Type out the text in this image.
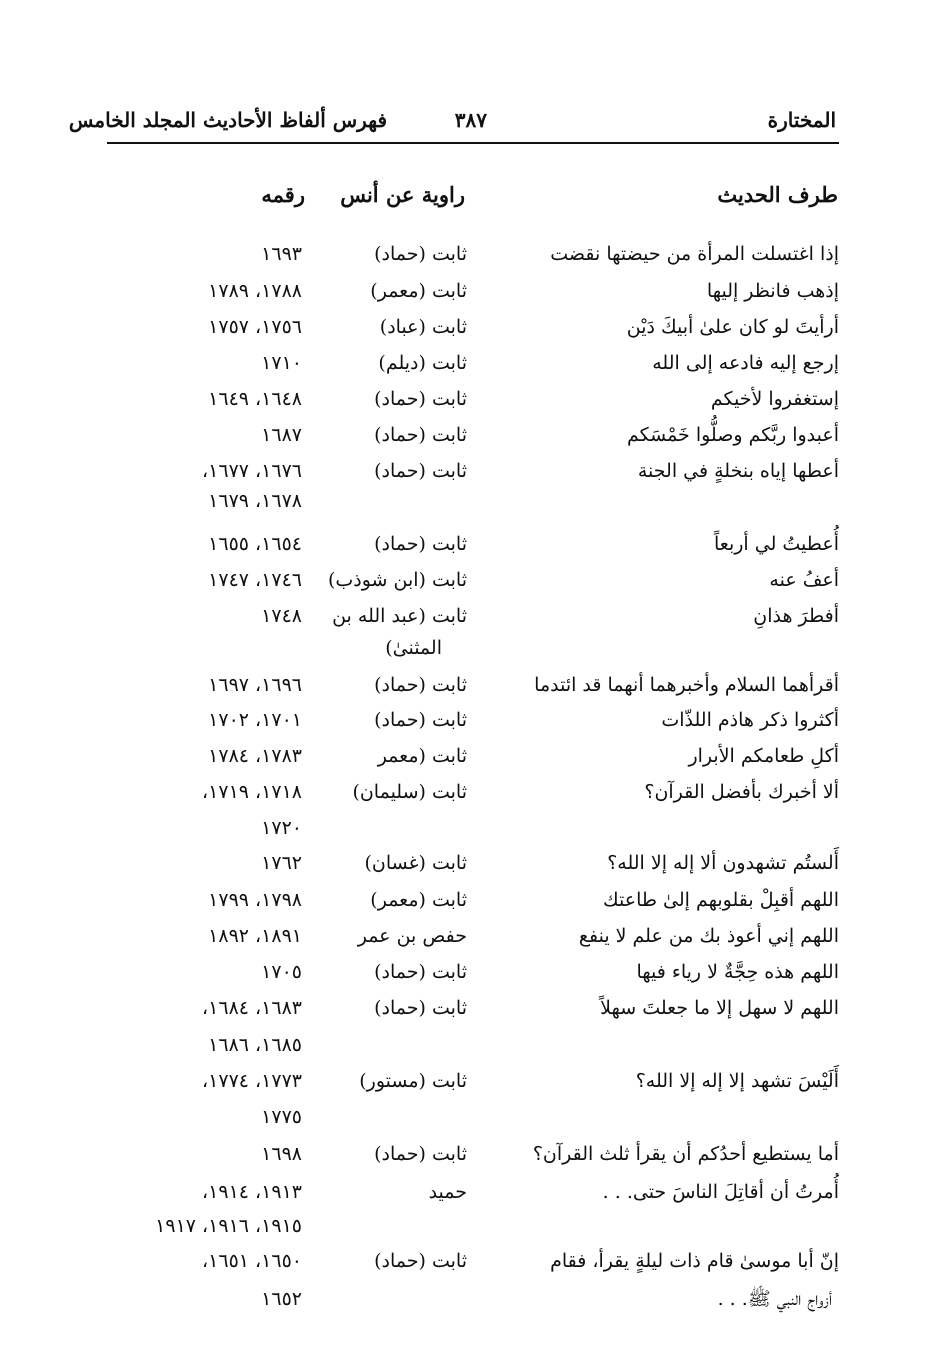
المختارة
٣٨٧
فهرس ألفاظ الأحاديث المجلد الخامس
طرف الحديث
راوية عن أنس
رقمه
إذا اغتسلت المرأة من حيضتها نقضت
ثابت (حماد)
١٦٩٣
إذهب فانظر إليها
ثابت (معمر)
١٧٨٨، ١٧٨٩
أرأيتَ لو كان علىٰ أبيكَ دَيْن
ثابت (عباد)
١٧٥٦، ١٧٥٧
إرجع إليه فادعه إلى الله
ثابت (ديلم)
١٧١٠
إستغفروا لأخيكم
ثابت (حماد)
١٦٤٨، ١٦٤٩
أعبدوا ربَّكم وصلُّوا خَمْسَكم
ثابت (حماد)
١٦٨٧
أعطها إياه بنخلةٍ في الجنة
ثابت (حماد)
١٦٧٦، ١٦٧٧،
١٦٧٨، ١٦٧٩
أُعطيتُ لي أربعاً
ثابت (حماد)
١٦٥٤، ١٦٥٥
أعفُ عنه
ثابت (ابن شوذب)
١٧٤٦، ١٧٤٧
أفطرَ هذانِ
ثابت (عبد الله بن
١٧٤٨
المثنىٰ)
أقرأهما السلام وأخبرهما أنهما قد ائتدما
ثابت (حماد)
١٦٩٦، ١٦٩٧
أكثروا ذكر هاذم اللذّات
ثابت (حماد)
١٧٠١، ١٧٠٢
أكلِ طعامكم الأبرار
ثابت (معمر
١٧٨٣، ١٧٨٤
ألا أخبرك بأفضل القرآن؟
ثابت (سليمان)
١٧١٨، ١٧١٩،
١٧٢٠
أَلستُم تشهدون ألا إله إلا الله؟
ثابت (غسان)
١٧٦٢
اللهم أقبِلْ بقلوبهم إلىٰ طاعتك
ثابت (معمر)
١٧٩٨، ١٧٩٩
اللهم إني أعوذ بك من علم لا ينفع
حفص بن عمر
١٨٩١، ١٨٩٢
اللهم هذه حِجَّةٌ لا رياء فيها
ثابت (حماد)
١٧٠٥
اللهم لا سهل إلا ما جعلتَ سهلاً
ثابت (حماد)
١٦٨٣، ١٦٨٤،
١٦٨٥، ١٦٨٦
أَلَيْسَ تشهد إلا إله إلا الله؟
ثابت (مستور)
١٧٧٣، ١٧٧٤،
١٧٧٥
أما يستطيع أحدُكم أن يقرأ ثلث القرآن؟
ثابت (حماد)
١٦٩٨
أُمرتُ أن أقاتِلَ الناسَ حتى. . .
حميد
١٩١٣، ١٩١٤،
١٩١٥، ١٩١٦، ١٩١٧
إنّ أبا موسىٰ قام ذات ليلةٍ يقرأ، فقام
ثابت (حماد)
١٦٥٠، ١٦٥١،
أزواج النبي ﷺ. . .
١٦٥٢
